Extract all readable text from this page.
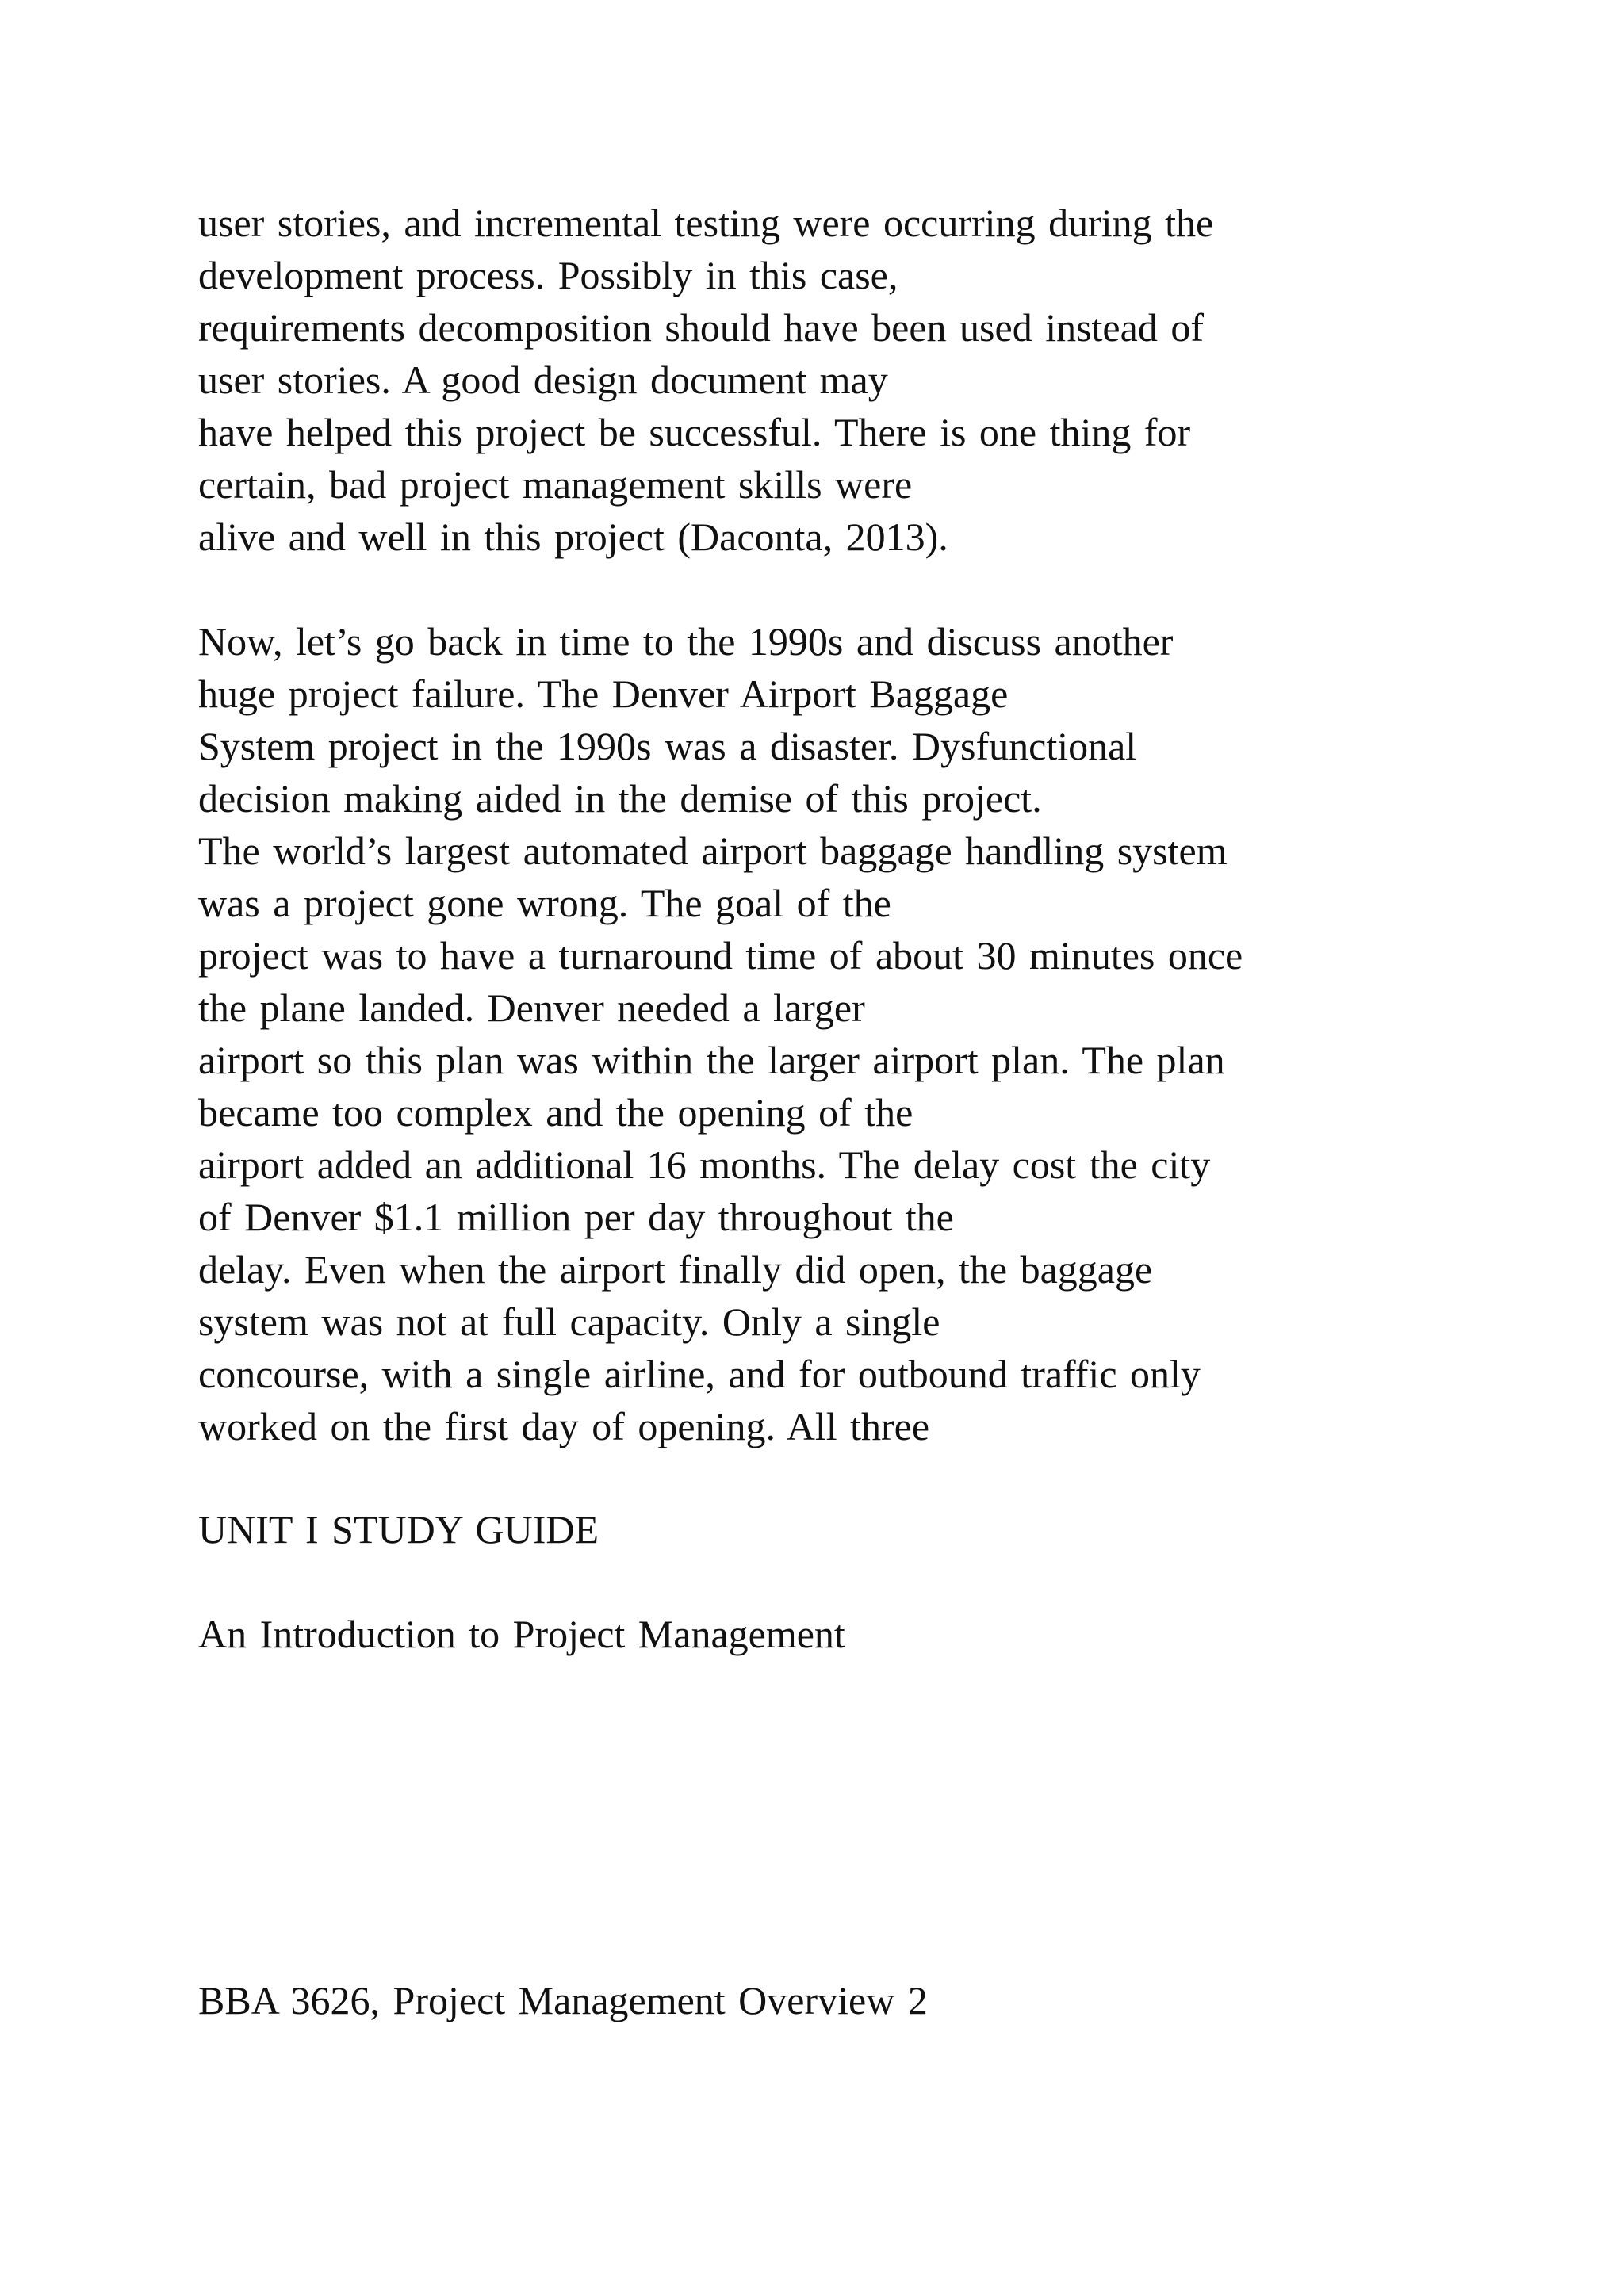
user stories, and incremental testing were occurring during the

development process. Possibly in this case,

requirements decomposition should have been used instead of

user stories. A good design document may

have helped this project be successful. There is one thing for

certain, bad project management skills were

alive and well in this project (Daconta, 2013).

Now, let’s go back in time to the 1990s and discuss another

huge project failure. The Denver Airport Baggage

System project in the 1990s was a disaster. Dysfunctional

decision making aided in the demise of this project.

The world’s largest automated airport baggage handling system

was a project gone wrong. The goal of the

project was to have a turnaround time of about 30 minutes once

the plane landed. Denver needed a larger

airport so this plan was within the larger airport plan. The plan

became too complex and the opening of the

airport added an additional 16 months. The delay cost the city

of Denver $1.1 million per day throughout the

delay. Even when the airport finally did open, the baggage

system was not at full capacity. Only a single

concourse, with a single airline, and for outbound traffic only

worked on the first day of opening. All three

UNIT I STUDY GUIDE

An Introduction to Project Management

BBA 3626, Project Management Overview 2
